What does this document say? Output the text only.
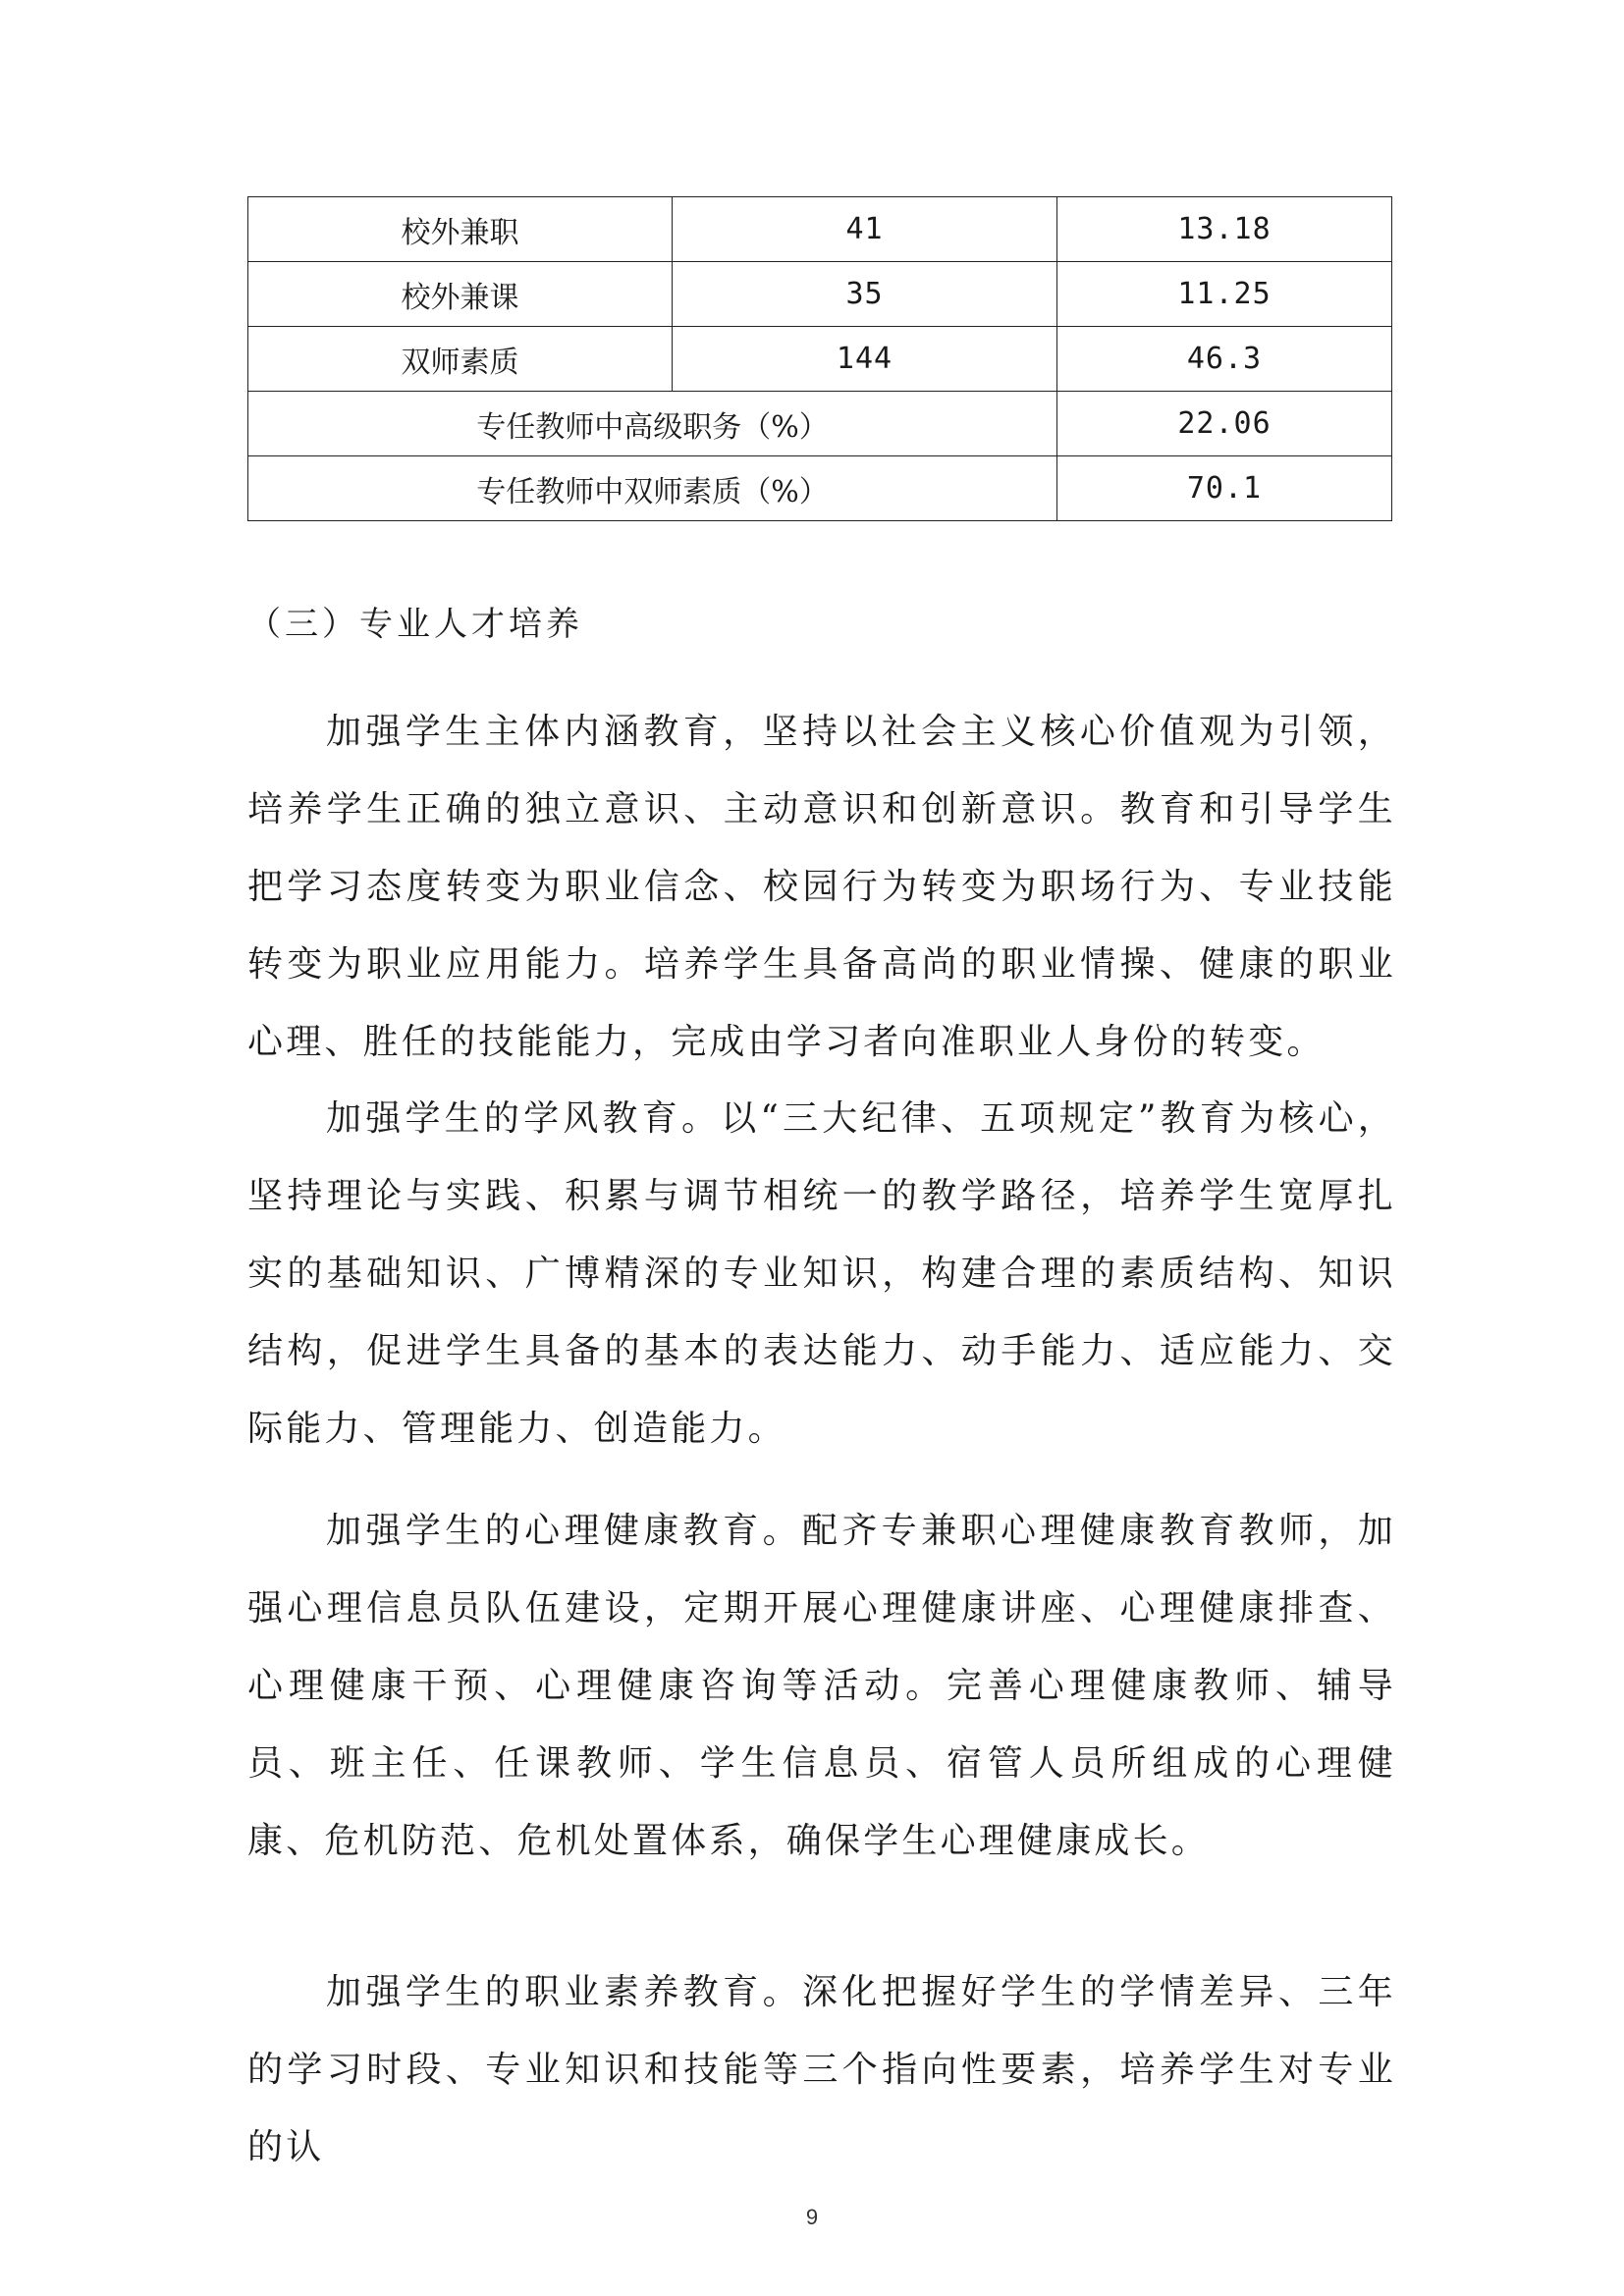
校外兼职	41	13.18
校外兼课	35	11.25
双师素质	144	46.3
专任教师中高级职务（%）		22.06
专任教师中双师素质（%）		70.1
（三）专业人才培养

加强学生主体内涵教育，坚持以社会主义核心价值观为引领，培养学生正确的独立意识、主动意识和创新意识。教育和引导学生把学习态度转变为职业信念、校园行为转变为职场行为、专业技能转变为职业应用能力。培养学生具备高尚的职业情操、健康的职业心理、胜任的技能能力，完成由学习者向准职业人身份的转变。

加强学生的学风教育。以“三大纪律、五项规定”教育为核心，坚持理论与实践、积累与调节相统一的教学路径，培养学生宽厚扎实的基础知识、广博精深的专业知识，构建合理的素质结构、知识结构，促进学生具备的基本的表达能力、动手能力、适应能力、交际能力、管理能力、创造能力。

加强学生的心理健康教育。配齐专兼职心理健康教育教师，加强心理信息员队伍建设，定期开展心理健康讲座、心理健康排查、心理健康干预、心理健康咨询等活动。完善心理健康教师、辅导员、班主任、任课教师、学生信息员、宿管人员所组成的心理健康、危机防范、危机处置体系，确保学生心理健康成长。

加强学生的职业素养教育。深化把握好学生的学情差异、三年的学习时段、专业知识和技能等三个指向性要素，培养学生对专业的认

9
